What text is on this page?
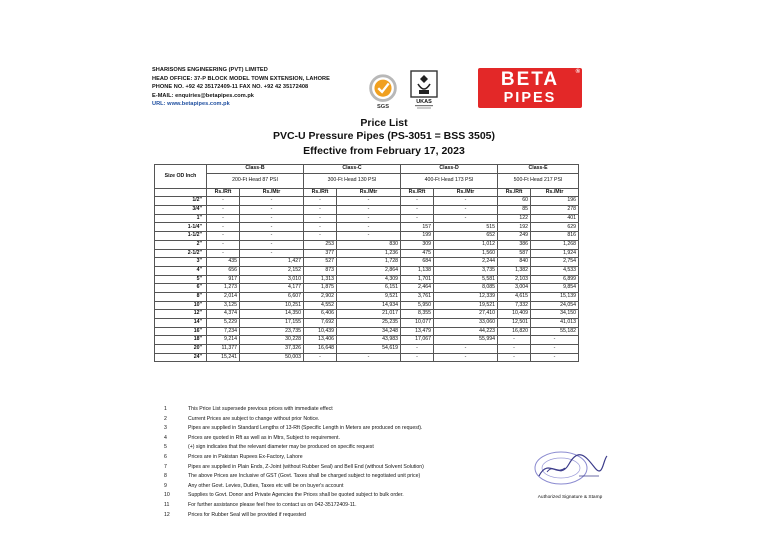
SHARISONS ENGINEERING (PVT) LIMITED
HEAD OFFICE: 37-P BLOCK MODEL TOWN EXTENSION, LAHORE
PHONE NO. +92 42 35172409-11 FAX NO. +92 42 35172408
E-MAIL: enquiries@betapipes.com.pk
URL: www.betapipes.com.pk	SGS
UKAS
BETA
PIPES
®
Price List
PVC-U Pressure Pipes (PS-3051 = BSS 3505)
Effective from February 17, 2023
Size OD Inch	Class-B		Class-C		Class-D		Class-E	
	200-Ft Head 87 PSI		300-Ft Head 130 PSI		400-Ft Head 173 PSI		500-Ft Head 217 PSI	
	Rs./Rft	Rs./Mtr	Rs./Rft	Rs./Mtr	Rs./Rft	Rs./Mtr	Rs./Rft	Rs./Mtr
1/2"	-	-	-	-	-	-	60	196
3/4"	-	-	-	-	-	-	85	278
1"	-	-	-	-	-	-	122	401
1-1/4"	-	-	-	-	157	515	192	629
1-1/2"	-	-	-	-	199	652	249	816
2"	-	-	253	830	309	1,012	386	1,268
2-1/2"	-	-	377	1,236	475	1,560	587	1,924
3"	435	1,427	527	1,728	684	2,244	840	2,754
4"	656	2,152	873	2,864	1,138	3,735	1,382	4,533
5"	917	3,010	1,313	4,309	1,701	5,581	2,103	6,899
6"	1,273	4,177	1,875	6,151	2,464	8,085	3,004	9,854
8"	2,014	6,607	2,902	9,521	3,761	12,339	4,615	15,139
10"	3,125	10,251	4,552	14,934	5,950	19,521	7,332	24,054
12"	4,374	14,350	6,406	21,017	8,355	27,410	10,409	34,150
14"	5,229	17,155	7,692	25,235	10,077	33,060	12,501	41,013
16"	7,234	23,735	10,439	34,248	13,479	44,223	16,820	55,182
18"	9,214	30,228	13,406	43,983	17,067	55,994	-	-
20"	11,377	37,326	16,648	54,619	-	-	-	-
24"	15,241	50,003	-	-	-	-	-	-
1	This Price List supersede previous prices with immediate effect
2	Current Prices are subject to change without prior Notice.
3	Pipes are supplied in Standard Lengths of 13-Rft (Specific Length in Meters are produced on request).
4	Prices are quoted in Rft as well as in Mtrs, Subject to requirement.
5	(+) sign indicates that the relevant diameter may be produced on specific request
6	Prices are in Pakistan Rupees Ex-Factory, Lahore
7	Pipes are supplied in Plain Ends, Z-Joint (without Rubber Seal) and Bell End (without Solvent Solution)
8	The above Prices are Inclusive of GST (Govt. Taxes shall be charged subject to negotiated unit price)
9	Any other Govt. Levies, Duties, Taxes etc will be on buyer's account
10	Supplies to Govt. Donor and Private Agencies the Prices shall be quoted subject to bulk order.
11	For further assistance please feel free to contact us on 042-35172409-11.
12	Prices for Rubber Seal will be provided if requested
Authorized Signature & Stamp
